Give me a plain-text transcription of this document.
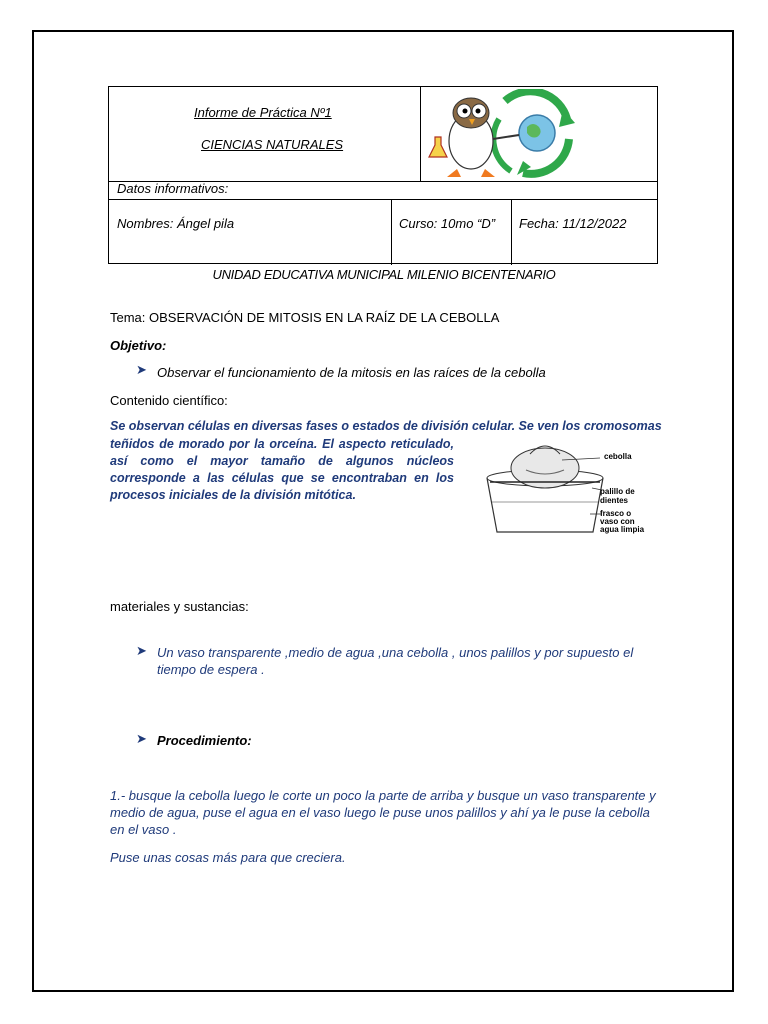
Informe de Práctica Nº1
CIENCIAS NATURALES
Datos informativos:
Nombres: Ángel pila	Curso: 10mo “D” Fecha: 11/12/2022
UNIDAD EDUCATIVA MUNICIPAL MILENIO BICENTENARIO
Tema: OBSERVACIÓN DE MITOSIS EN LA RAÍZ DE LA CEBOLLA
Objetivo:
➤ Observar el funcionamiento de la mitosis en las raíces de la cebolla
Contenido científico:
Se observan células en diversas fases o estados de división celular. Se ven los cromosomas
teñidos de morado por la orceína. El aspecto reticulado, así como el mayor tamaño de algunos núcleos corresponde a las células que se encontraban en los procesos iniciales de la división mitótica.
cebolla
palillo de dientes
frasco o vaso con agua limpia
materiales y sustancias:
➤ Un vaso transparente ,medio de agua ,una cebolla , unos palillos y por supuesto el tiempo de espera .
➤ Procedimiento:
1.- busque la cebolla luego le corte un poco la parte de arriba y busque un vaso transparente y medio de agua, puse el agua en el vaso luego le puse unos palillos y ahí ya le puse la cebolla en el vaso .
Puse unas cosas más para que creciera.
